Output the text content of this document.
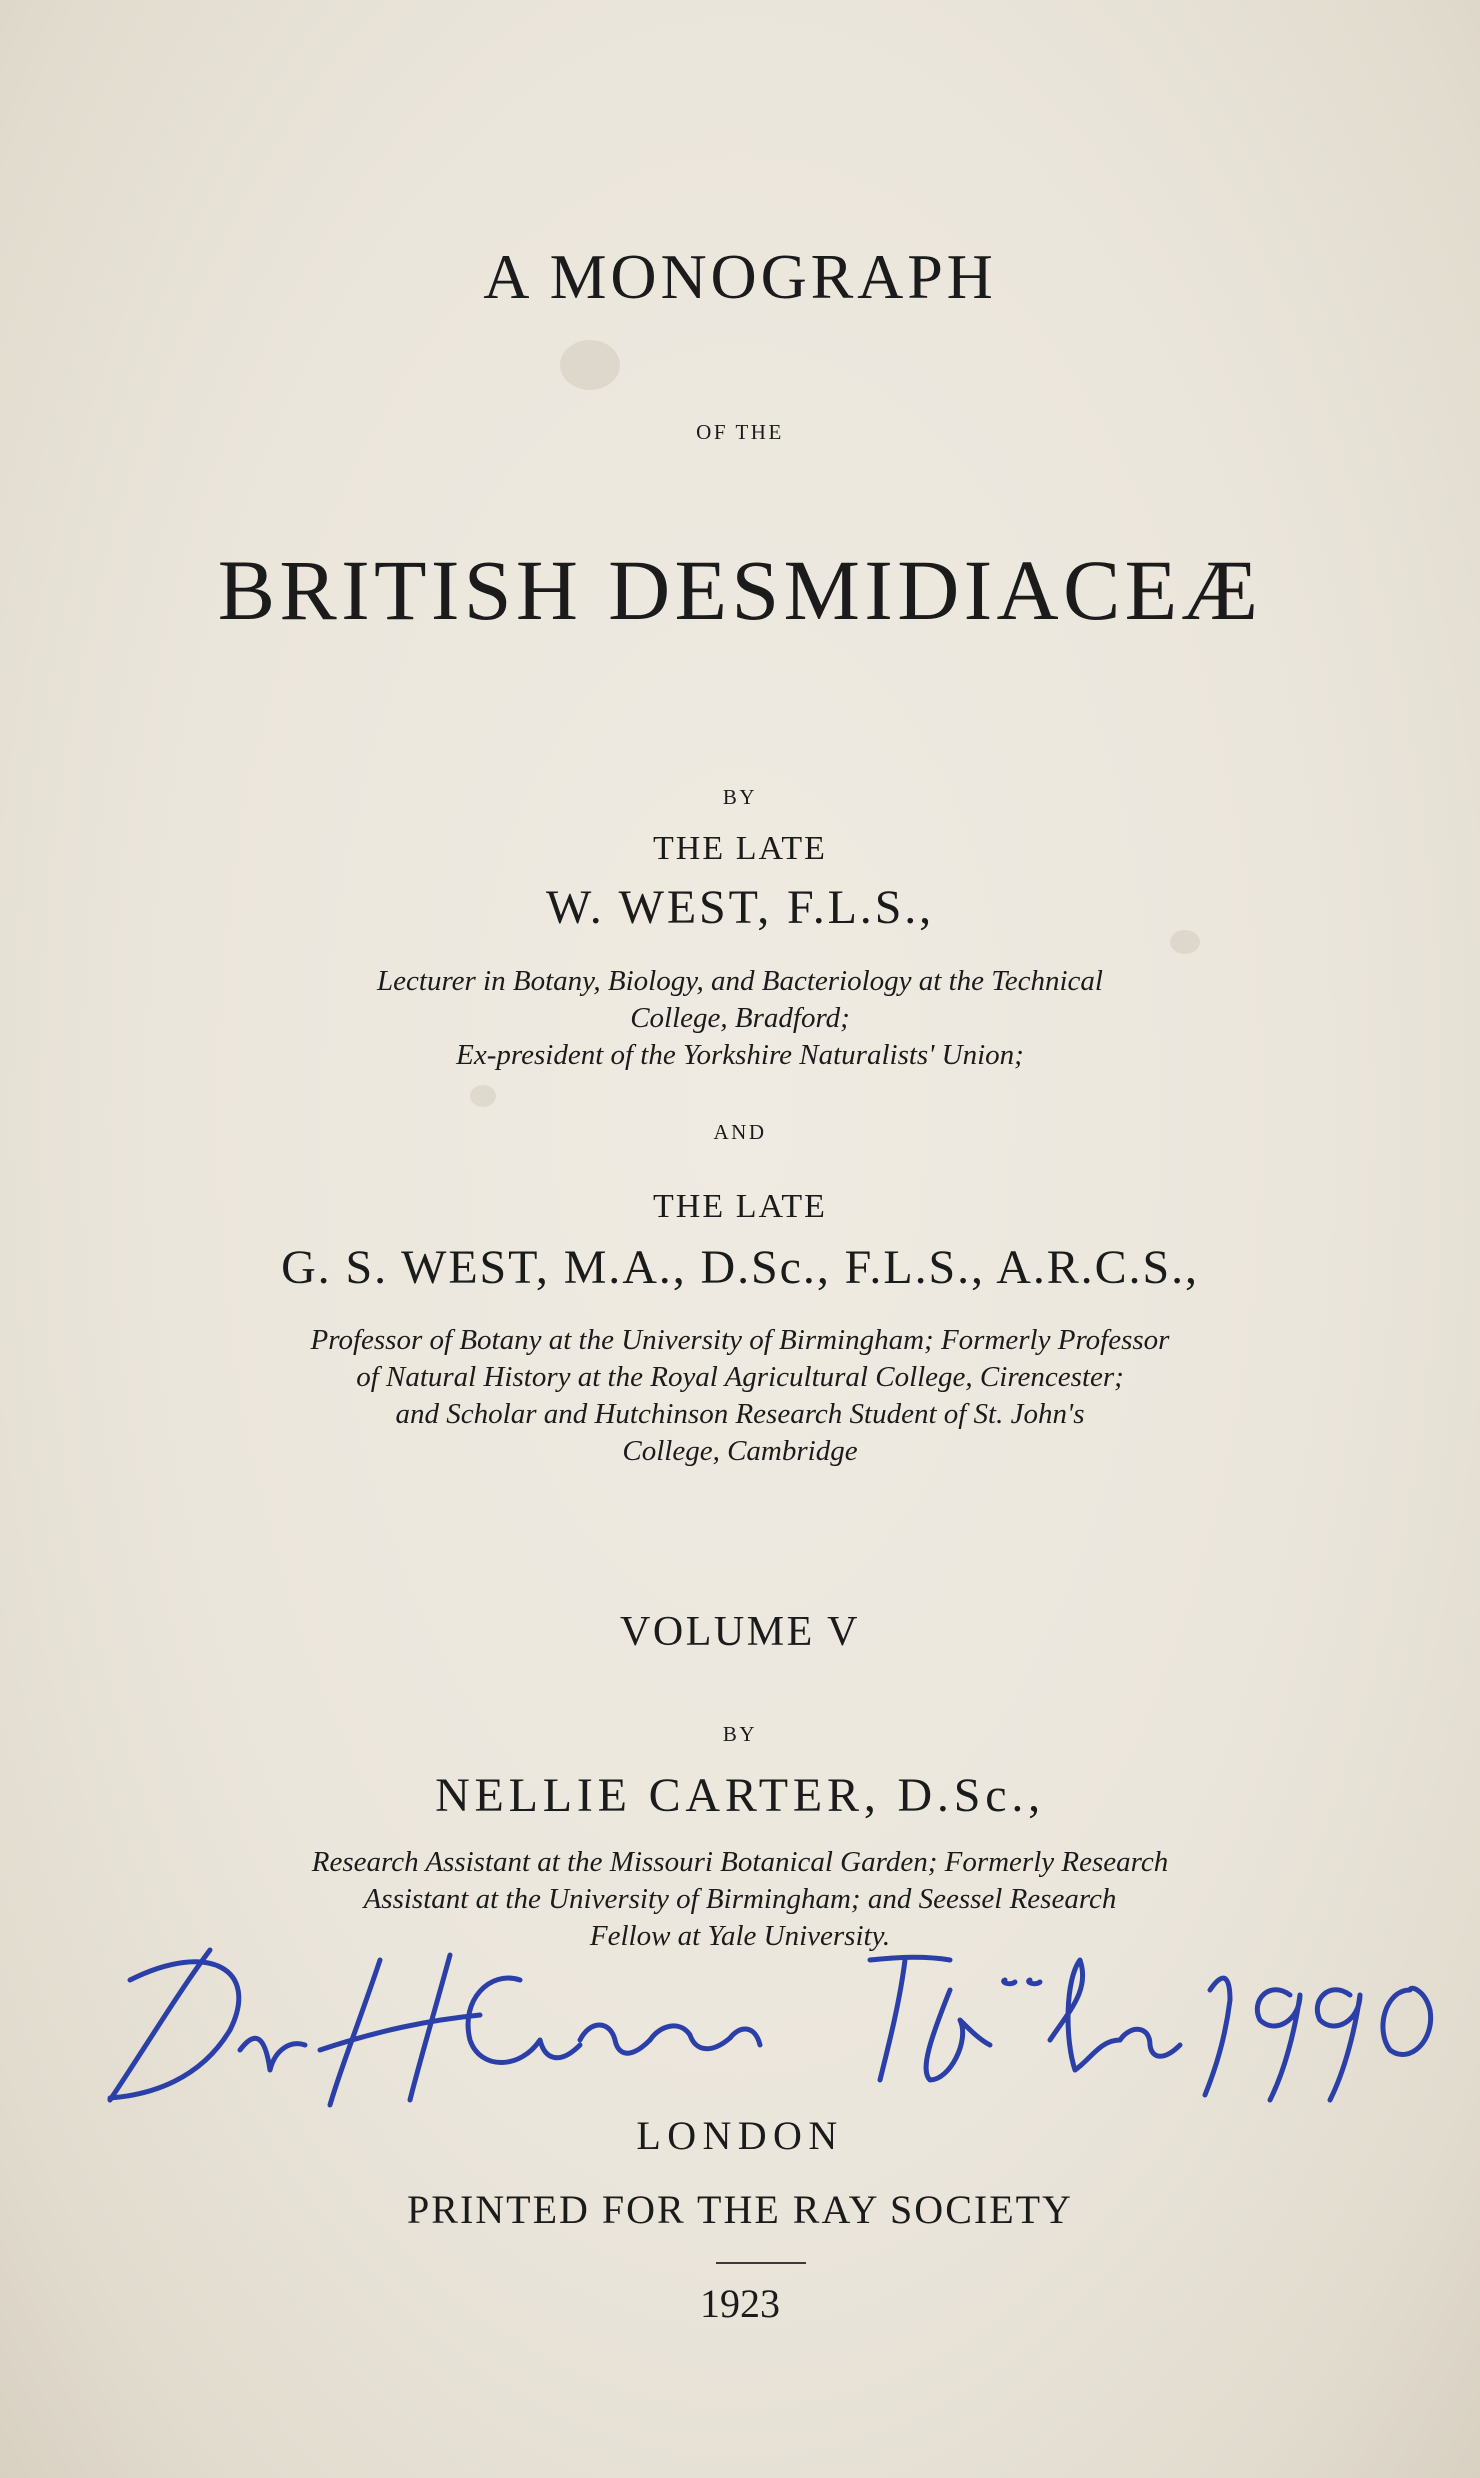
A MONOGRAPH
OF THE
BRITISH DESMIDIACEÆ
BY
THE LATE
W. WEST, F.L.S.,
Lecturer in Botany, Biology, and Bacteriology at the Technical
College, Bradford;
Ex-president of the Yorkshire Naturalists' Union;
AND
THE LATE
G. S. WEST, M.A., D.Sc., F.L.S., A.R.C.S.,
Professor of Botany at the University of Birmingham; Formerly Professor
of Natural History at the Royal Agricultural College, Cirencester;
and Scholar and Hutchinson Research Student of St. John's
College, Cambridge
VOLUME V
BY
NELLIE CARTER, D.Sc.,
Research Assistant at the Missouri Botanical Garden; Formerly Research
Assistant at the University of Birmingham; and Seessel Research
Fellow at Yale University.
LONDON
PRINTED FOR THE RAY SOCIETY
1923
